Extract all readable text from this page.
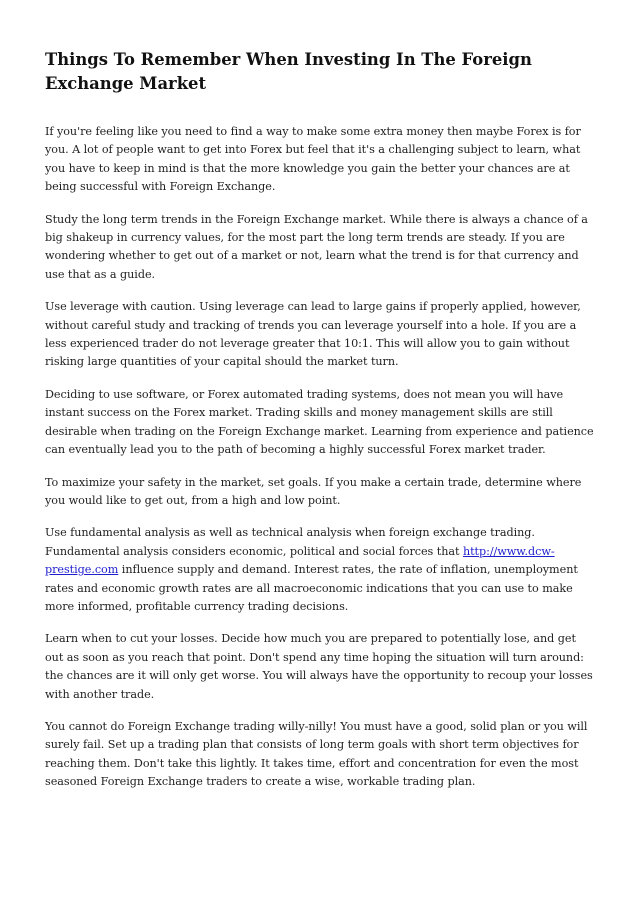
Things To Remember When Investing In The Foreign Exchange Market

If you're feeling like you need to find a way to make some extra money then maybe Forex is for you. A lot of people want to get into Forex but feel that it's a challenging subject to learn, what you have to keep in mind is that the more knowledge you gain the better your chances are at being successful with Foreign Exchange.

Study the long term trends in the Foreign Exchange market. While there is always a chance of a big shakeup in currency values, for the most part the long term trends are steady. If you are wondering whether to get out of a market or not, learn what the trend is for that currency and use that as a guide.

Use leverage with caution. Using leverage can lead to large gains if properly applied, however, without careful study and tracking of trends you can leverage yourself into a hole. If you are a less experienced trader do not leverage greater that 10:1. This will allow you to gain without risking large quantities of your capital should the market turn.

Deciding to use software, or Forex automated trading systems, does not mean you will have instant success on the Forex market. Trading skills and money management skills are still desirable when trading on the Foreign Exchange market. Learning from experience and patience can eventually lead you to the path of becoming a highly successful Forex market trader.

To maximize your safety in the market, set goals. If you make a certain trade, determine where you would like to get out, from a high and low point.

Use fundamental analysis as well as technical analysis when foreign exchange trading. Fundamental analysis considers economic, political and social forces that http://www.dcw-prestige.com influence supply and demand. Interest rates, the rate of inflation, unemployment rates and economic growth rates are all macroeconomic indications that you can use to make more informed, profitable currency trading decisions.

Learn when to cut your losses. Decide how much you are prepared to potentially lose, and get out as soon as you reach that point. Don't spend any time hoping the situation will turn around: the chances are it will only get worse. You will always have the opportunity to recoup your losses with another trade.

You cannot do Foreign Exchange trading willy-nilly! You must have a good, solid plan or you will surely fail. Set up a trading plan that consists of long term goals with short term objectives for reaching them. Don't take this lightly. It takes time, effort and concentration for even the most seasoned Foreign Exchange traders to create a wise, workable trading plan.
